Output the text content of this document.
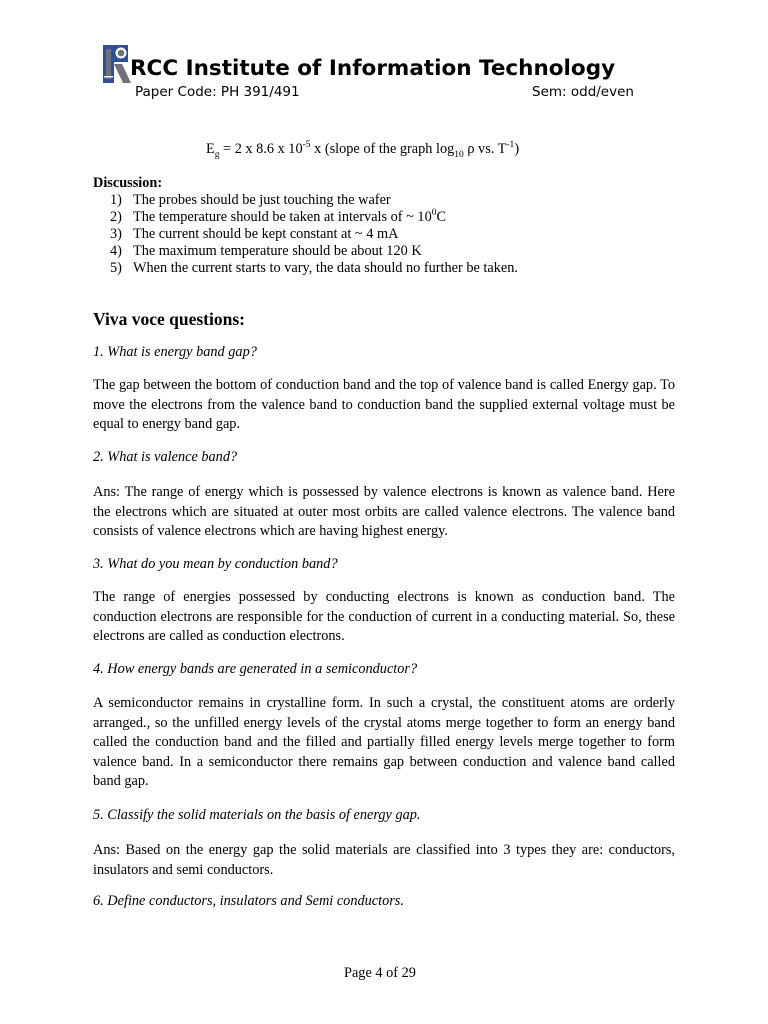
RCC Institute of Information Technology
Paper Code: PH 391/491	Sem: odd/even
$E_g = 2$ x 8.6 x $10^{-5}$ x (slope of the graph $\log_{10} \rho$ vs. $T^{-1}$)
Discussion:
1) The probes should be just touching the wafer
2) The temperature should be taken at intervals of ~ $10^0C$
3) The current should be kept constant at ~ 4 mA
4) The maximum temperature should be about 120 K
5) When the current starts to vary, the data should no further be taken.
Viva voce questions:
1. What is energy band gap?
The gap between the bottom of conduction band and the top of valence band is called Energy gap. To move the electrons from the valence band to conduction band the supplied external voltage must be equal to energy band gap.
2. What is valence band?
Ans: The range of energy which is possessed by valence electrons is known as valence band. Here the electrons which are situated at outer most orbits are called valence electrons. The valence band consists of valence electrons which are having highest energy.
3. What do you mean by conduction band?
The range of energies possessed by conducting electrons is known as conduction band. The conduction electrons are responsible for the conduction of current in a conducting material. So, these electrons are called as conduction electrons.
4. How energy bands are generated in a semiconductor?
A semiconductor remains in crystalline form. In such a crystal, the constituent atoms are orderly arranged., so the unfilled energy levels of the crystal atoms merge together to form an energy band called the conduction band and the filled and partially filled energy levels merge together to form valence band. In a semiconductor there remains gap between conduction and valence band called band gap.
5. Classify the solid materials on the basis of energy gap.
Ans: Based on the energy gap the solid materials are classified into 3 types they are: conductors, insulators and semi conductors.
6. Define conductors, insulators and Semi conductors.
Page 4 of 29
